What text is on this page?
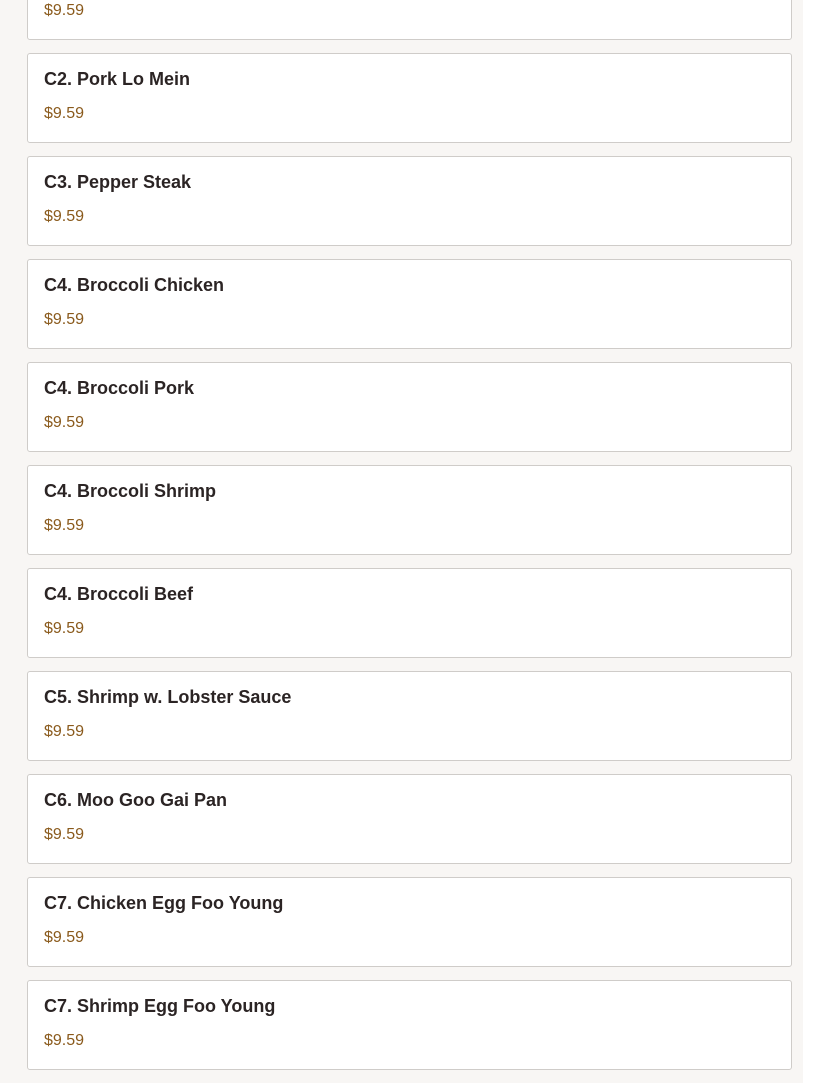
$9.59
C2. Pork Lo Mein
$9.59
C3. Pepper Steak
$9.59
C4. Broccoli Chicken
$9.59
C4. Broccoli Pork
$9.59
C4. Broccoli Shrimp
$9.59
C4. Broccoli Beef
$9.59
C5. Shrimp w. Lobster Sauce
$9.59
C6. Moo Goo Gai Pan
$9.59
C7. Chicken Egg Foo Young
$9.59
C7. Shrimp Egg Foo Young
$9.59
